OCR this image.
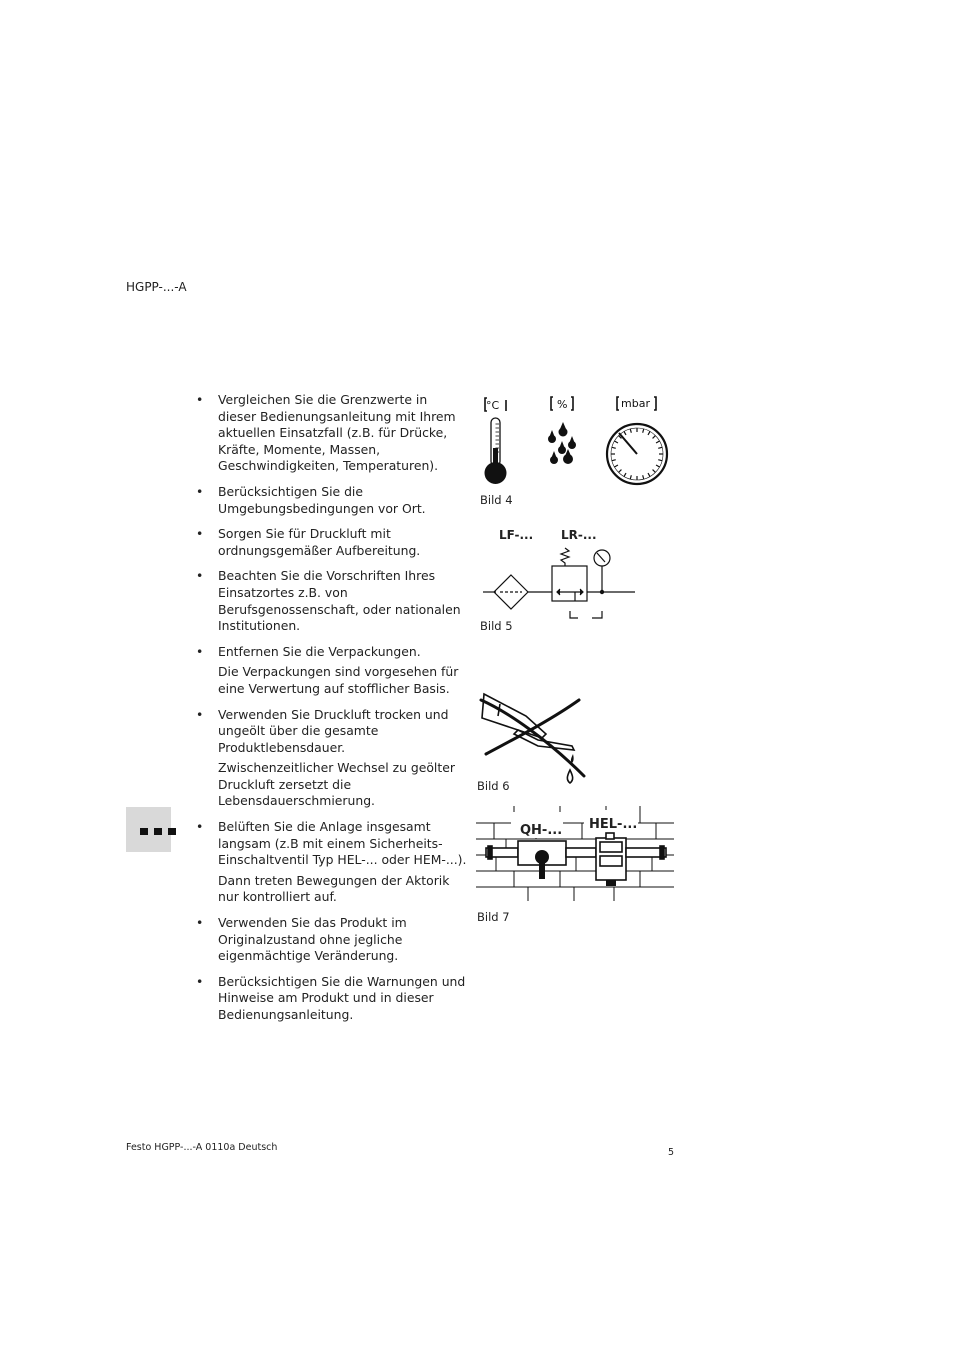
HGPP-...-A
• Vergleichen Sie die Grenzwerte in dieser Bedienungsanleitung mit Ihrem aktuellen Einsatzfall (z.B. für Drücke, Kräfte, Momente, Massen, Geschwindigkeiten, Temperaturen).

• Berücksichtigen Sie die Umgebungsbedingungen vor Ort.

• Sorgen Sie für Druckluft mit ordnungsgemäßer Aufbereitung.

• Beachten Sie die Vorschriften Ihres Einsatzortes z.B. von Berufsgenossenschaft, oder nationalen Institutionen.

• Entfernen Sie die Verpackungen.

Die Verpackungen sind vorgesehen für eine Verwertung auf stofflicher Basis.

• Verwenden Sie Druckluft trocken und ungeölt über die gesamte Produktlebensdauer.

Zwischenzeitlicher Wechsel zu geölter Druckluft zersetzt die Lebensdauerschmierung.

• Belüften Sie die Anlage insgesamt langsam (z.B mit einem Sicherheits-Einschaltventil Typ HEL-... oder HEM-...).

Dann treten Bewegungen der Aktorik nur kontrolliert auf.

• Verwenden Sie das Produkt im Originalzustand ohne jegliche eigenmächtige Veränderung.

• Berücksichtigen Sie die Warnungen und Hinweise am Produkt und in dieser Bedienungsanleitung.

°C	%	mbar
Bild 4
LF-... LR-...
Bild 5
Bild 6
QH-... HEL-...
Bild 7
Festo HGPP-...-A 0110a Deutsch	5
